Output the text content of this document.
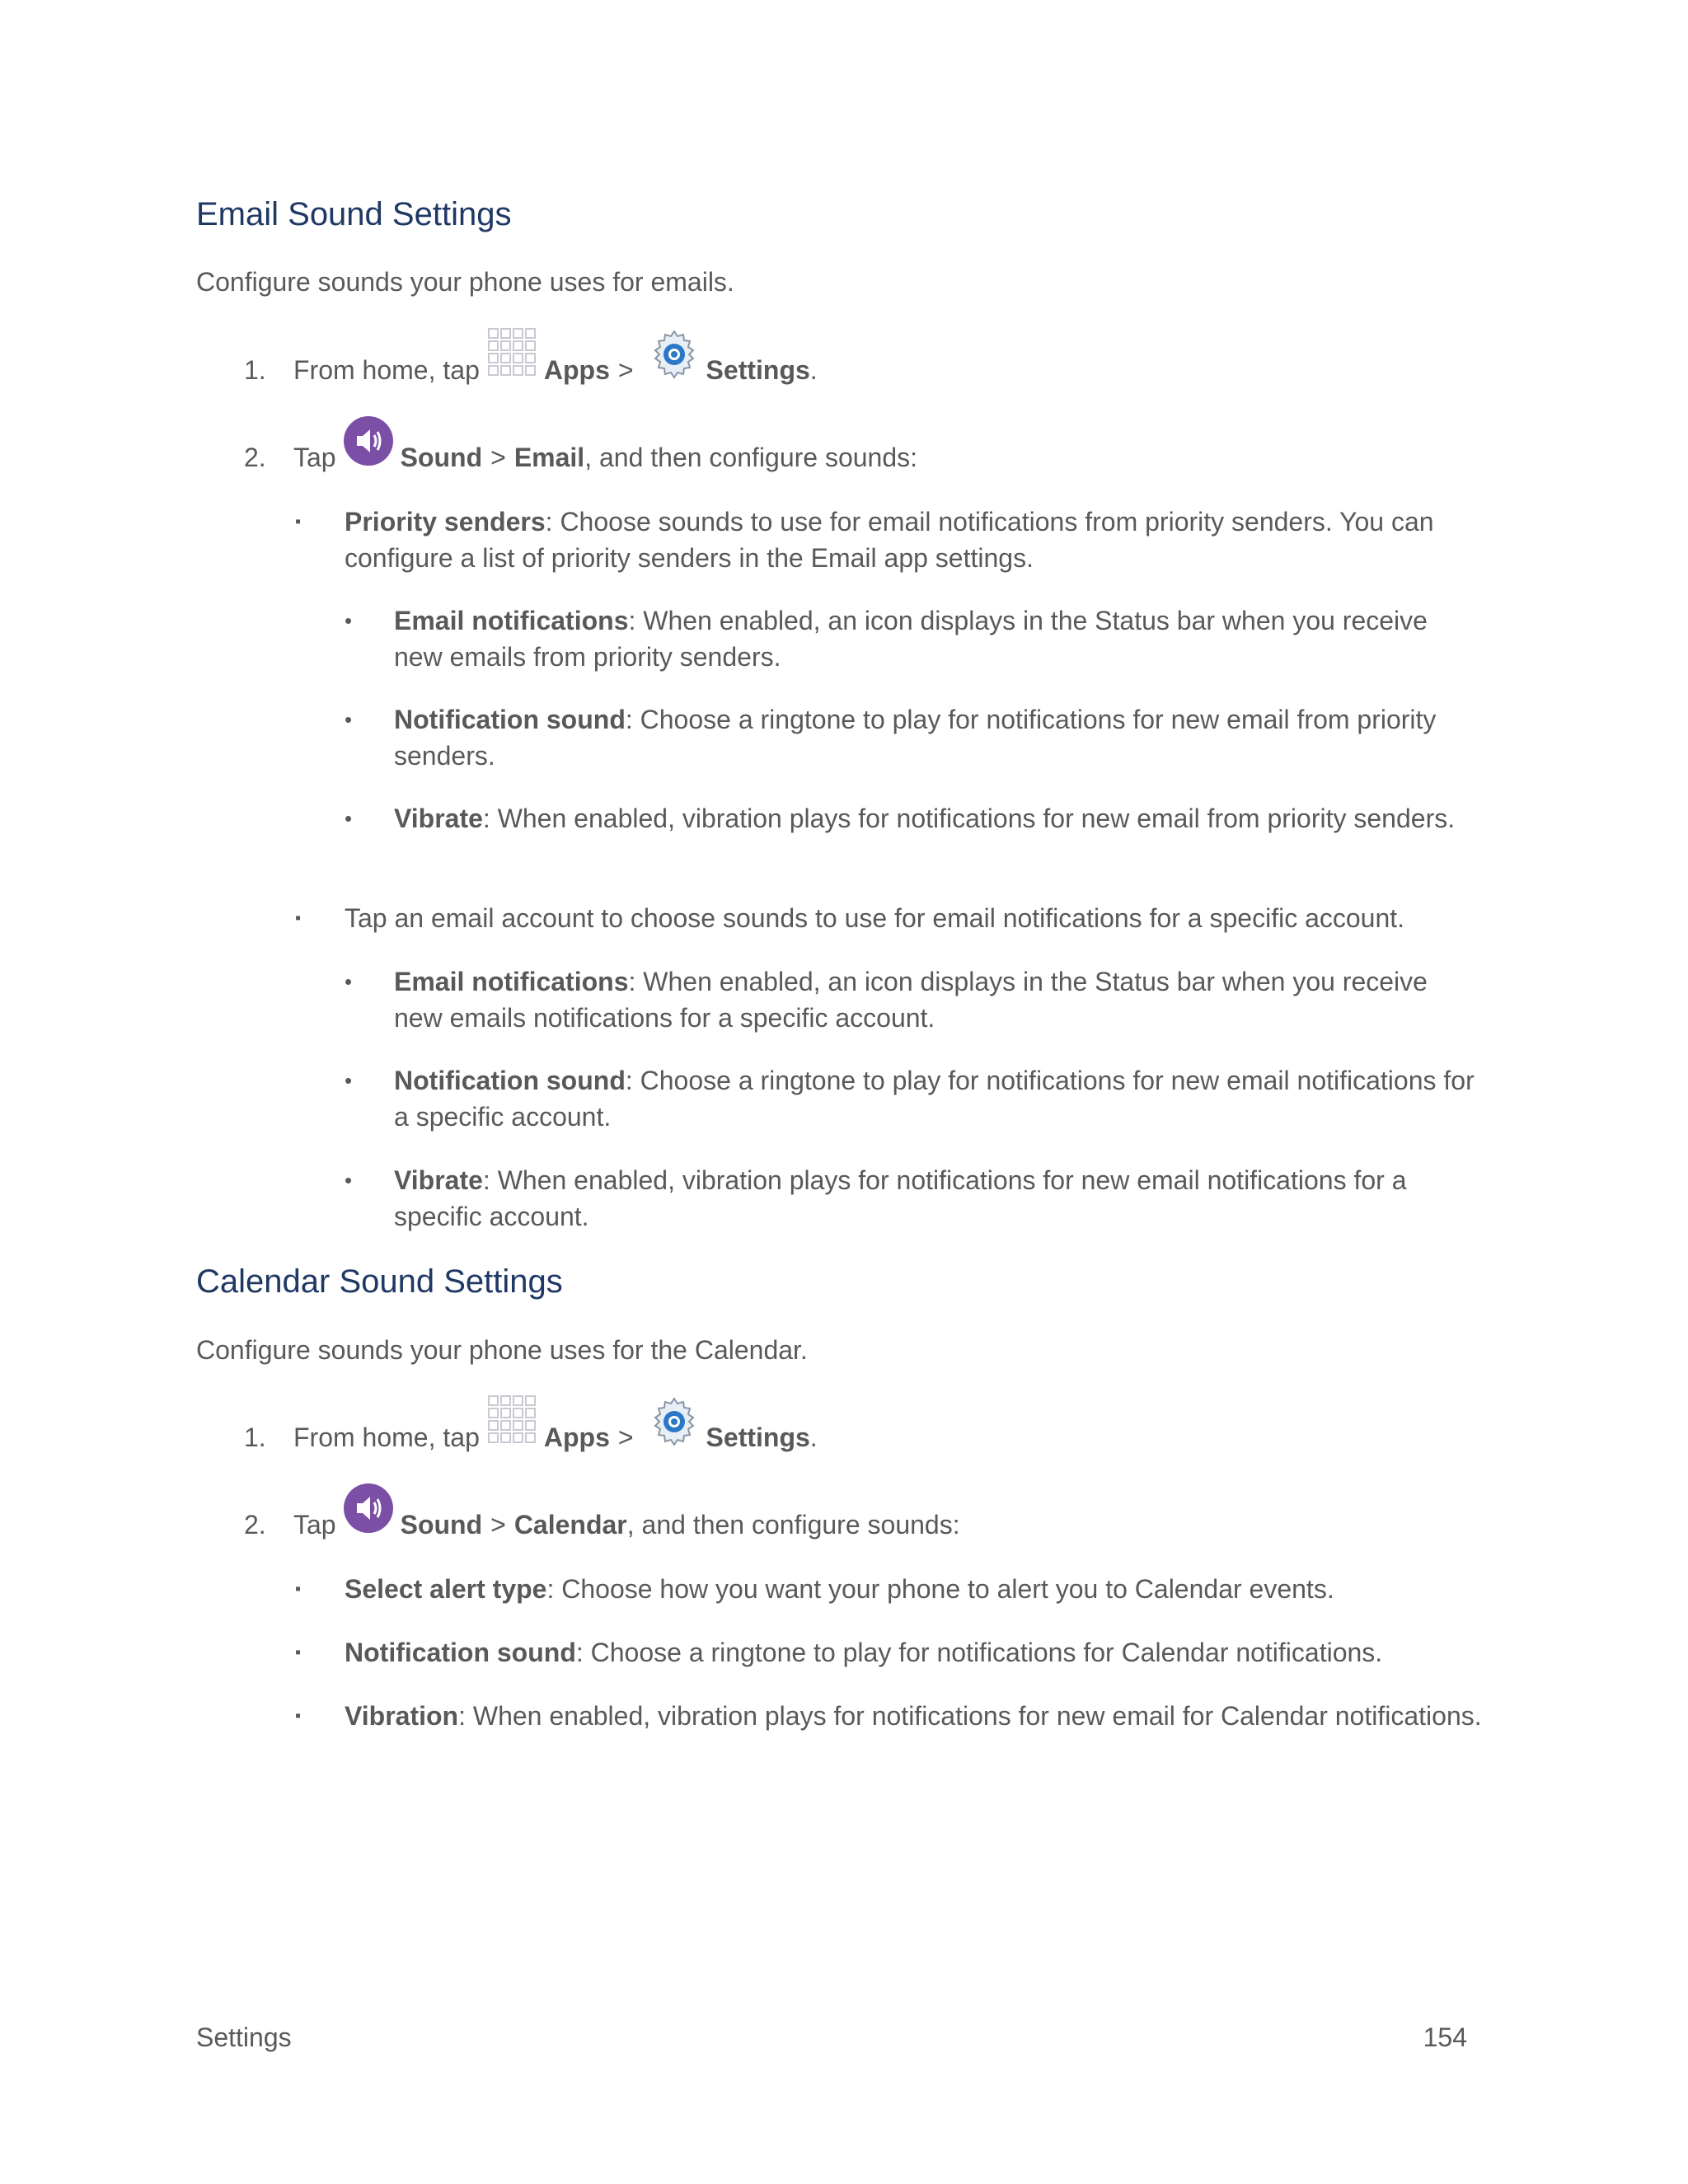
Email Sound Settings

Configure sounds your phone uses for emails.

1.	From home, tap Apps >	Settings .
2.	Tap Sound > Email , and then configure sounds:
▪ Priority senders: Choose sounds to use for email notifications from priority senders. You can configure a list of priority senders in the Email app settings.
• Email notifications: When enabled, an icon displays in the Status bar when you receive new emails from priority senders.
• Notification sound: Choose a ringtone to play for notifications for new email from priority senders.
• Vibrate: When enabled, vibration plays for notifications for new email from priority senders.
▪ Tap an email account to choose sounds to use for email notifications for a specific account.
• Email notifications: When enabled, an icon displays in the Status bar when you receive new emails notifications for a specific account.
• Notification sound: Choose a ringtone to play for notifications for new email notifications for a specific account.
• Vibrate: When enabled, vibration plays for notifications for new email notifications for a specific account.
Calendar Sound Settings

Configure sounds your phone uses for the Calendar.

1.	From home, tap Apps >	Settings .
2.	Tap Sound > Calendar , and then configure sounds:
▪ Select alert type: Choose how you want your phone to alert you to Calendar events.
▪ Notification sound: Choose a ringtone to play for notifications for Calendar notifications.
▪ Vibration: When enabled, vibration plays for notifications for new email for Calendar notifications.
Settings	154
